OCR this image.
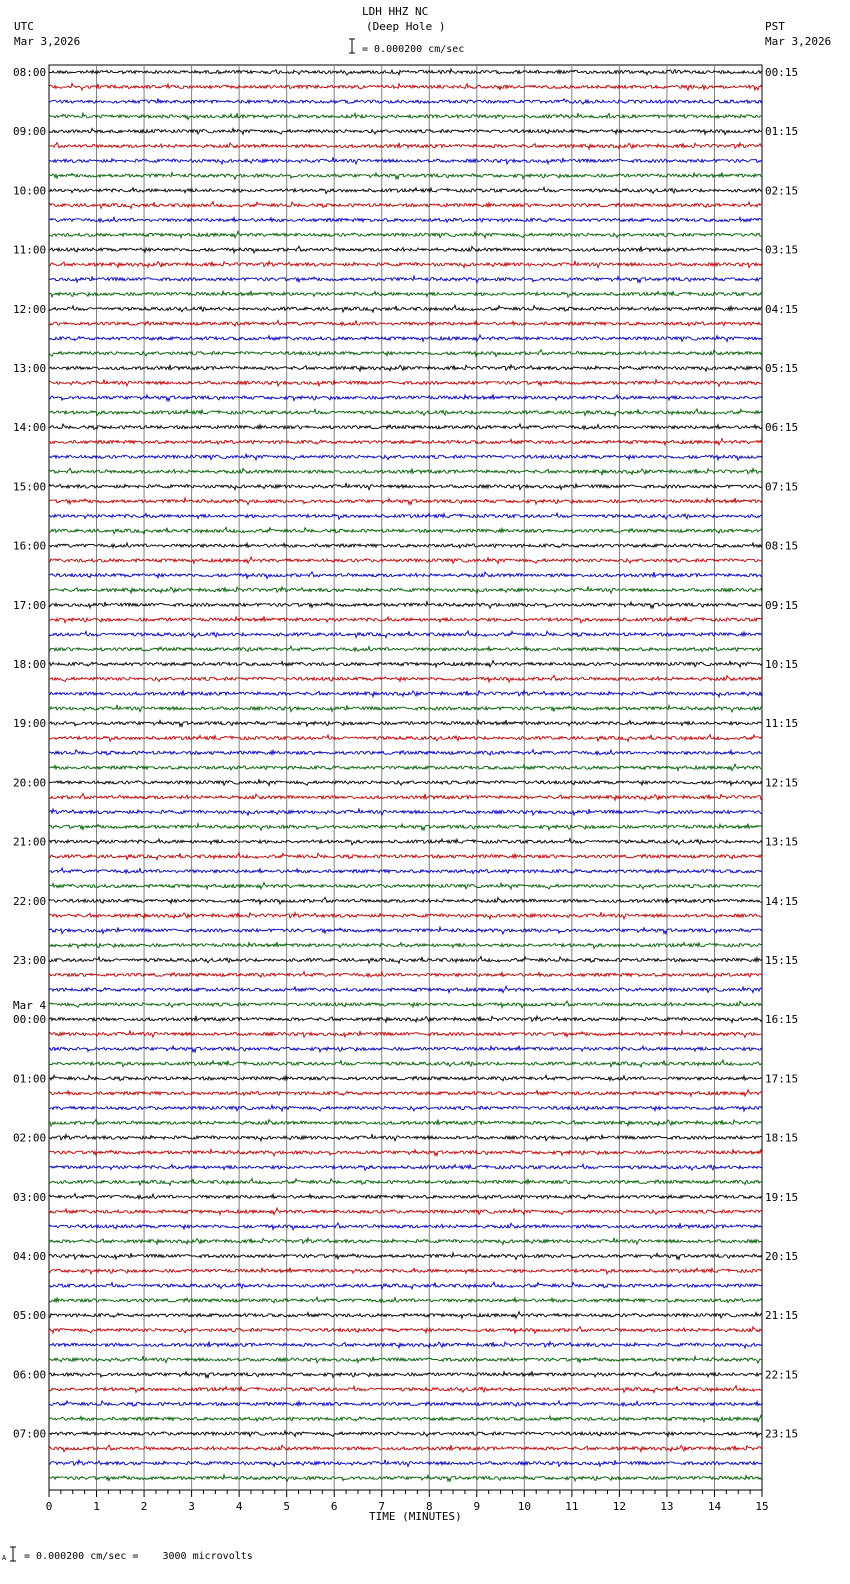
UTC
Mar 3,2026
LDH HHZ NC
(Deep Hole )	PST
Mar 3,2026
= 0.000200 cm/sec
0	1	2	3	4	5	6	7	8	9	10	11	12	13	14	15
08:00	00:15
09:00	01:15
10:00	02:15
11:00	03:15
12:00	04:15
13:00	05:15
14:00	06:15
15:00	07:15
16:00	08:15
17:00	09:15
18:00	10:15
19:00	11:15
20:00	12:15
21:00	13:15
22:00	14:15
23:00	15:15
00:00	16:15
01:00	17:15
02:00	18:15
03:00	19:15
04:00	20:15
05:00	21:15
06:00	22:15
07:00	23:15
Mar 4
TIME (MINUTES)
A = 0.000200 cm/sec =    3000 microvolts
